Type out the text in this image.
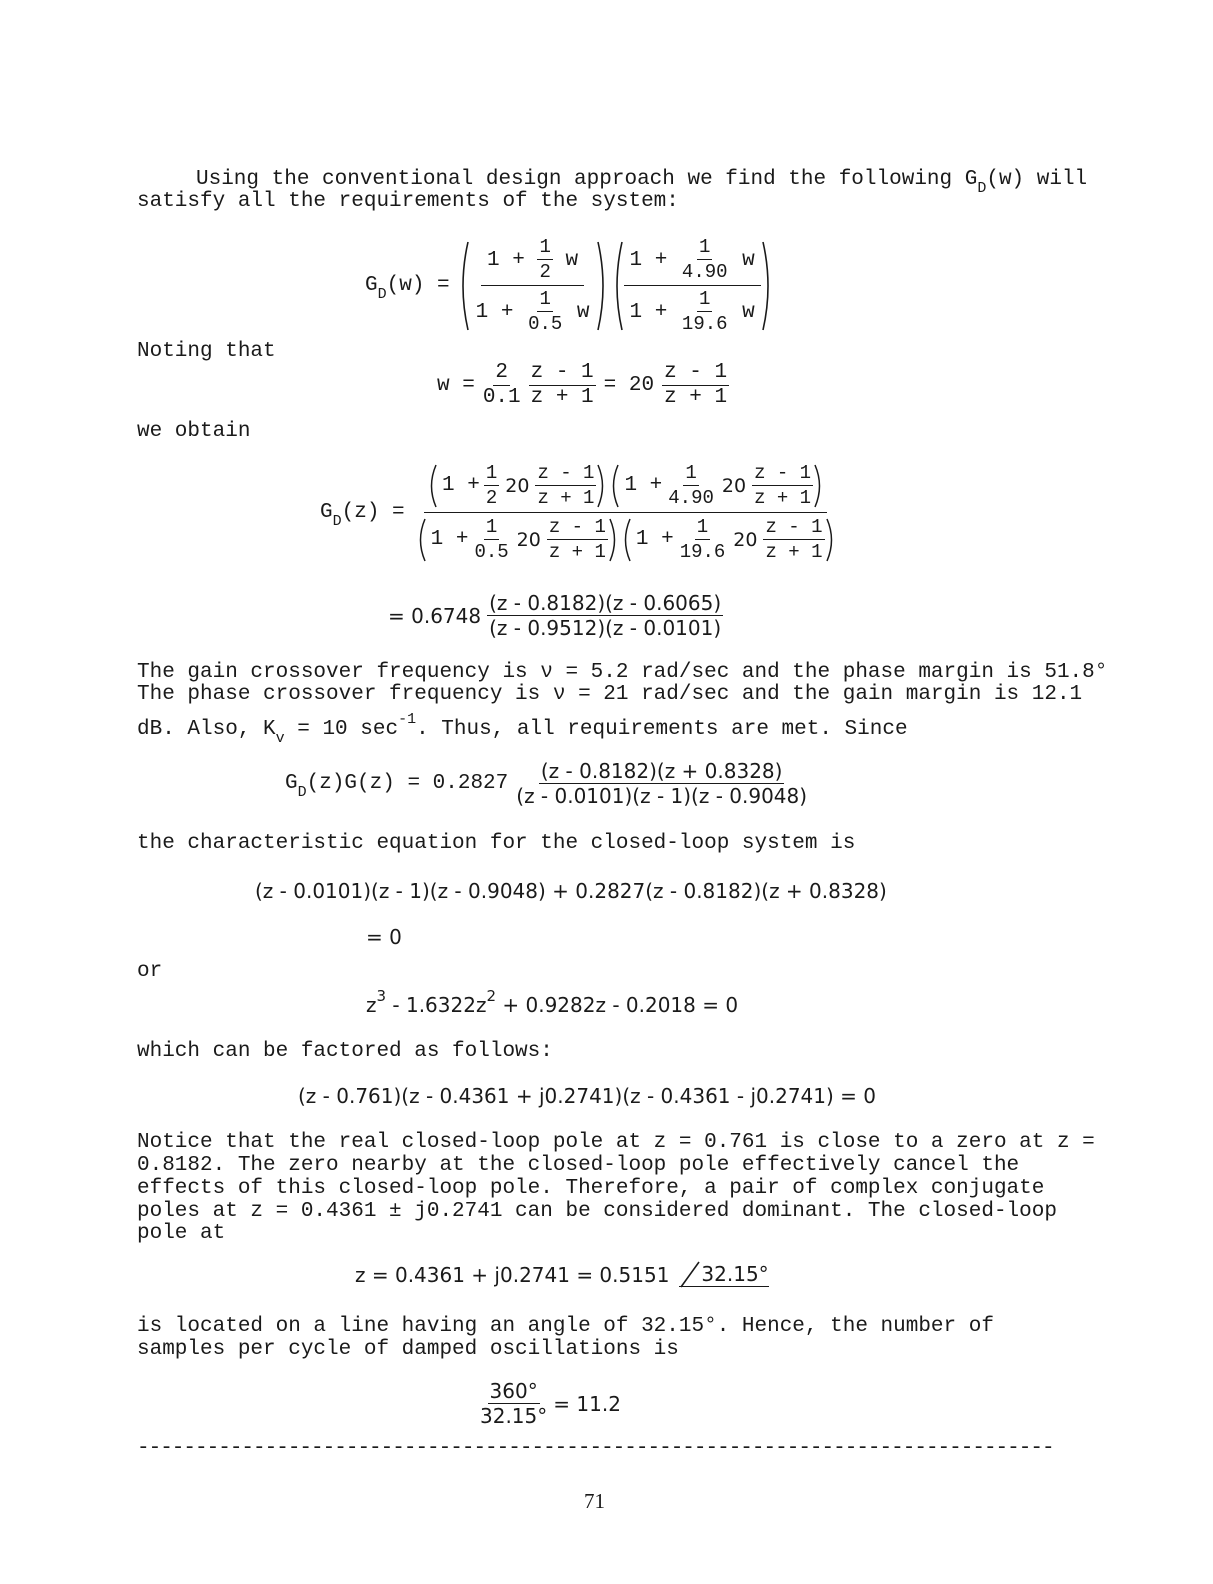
Using the conventional design approach we find the following $G_D(w)$ will
satisfy all the requirements of the system:
$G_D(w) = \frac{1 + \frac{1}{2} w}{1 + \frac{1}{0.5} w} \frac{1 + \frac{1}{4.90} w}{1 + \frac{1}{19.6} w}$
Noting that
$w = \frac{2}{0.1} \frac{z - 1}{z + 1} = 20 \frac{z - 1}{z + 1}$
we obtain
$G_D(z)$ =
$1 + \frac{1}{2} 20 \frac{z - 1}{z + 1} 1 + \frac{1}{4.90} 20 \frac{z - 1}{z + 1}$
$1 + \frac{1}{0.5} 20 \frac{z - 1}{z + 1} 1 + \frac{1}{19.6} 20 \frac{z - 1}{z + 1}$
= $0.6748 \frac{(z - 0.8182)(z - 0.6065)}{(z - 0.9512)(z - 0.0101)}$
The gain crossover frequency is ν = 5.2 rad/sec and the phase margin is 51.8°
The phase crossover frequency is ν = 21 rad/sec and the gain margin is 12.1
dB. Also, $K_v = 10$ $\sec^{-1}$. Thus, all requirements are met. Since
$G_D(z)G(z) = 0.2827 \frac{(z - 0.8182)(z + 0.8328)}{(z - 0.0101)(z - 1)(z - 0.9048)}$
the characteristic equation for the closed-loop system is
(z - 0.0101)(z - 1)(z - 0.9048) + 0.2827(z - 0.8182)(z + 0.8328)
= 0
or
$z^3 - 1.6322z^2 + 0.9282z - 0.2018 = 0$
which can be factored as follows:
(z - 0.761)(z - 0.4361 + j0.2741)(z - 0.4361 - j0.2741) = 0
Notice that the real closed-loop pole at z = 0.761 is close to a zero at z =
0.8182. The zero nearby at the closed-loop pole effectively cancel the
effects of this closed-loop pole. Therefore, a pair of complex conjugate
poles at z = 0.4361 ± j0.2741 can be considered dominant. The closed-loop
pole at
z = 0.4361 + j0.2741 = 0.5151	32.15°
is located on a line having an angle of 32.15°. Hence, the number of
samples per cycle of damped oscillations is
$\frac{360^\circ}{32.15^\circ} = 11.2$
-------------------------------------------------------------------------------
71
